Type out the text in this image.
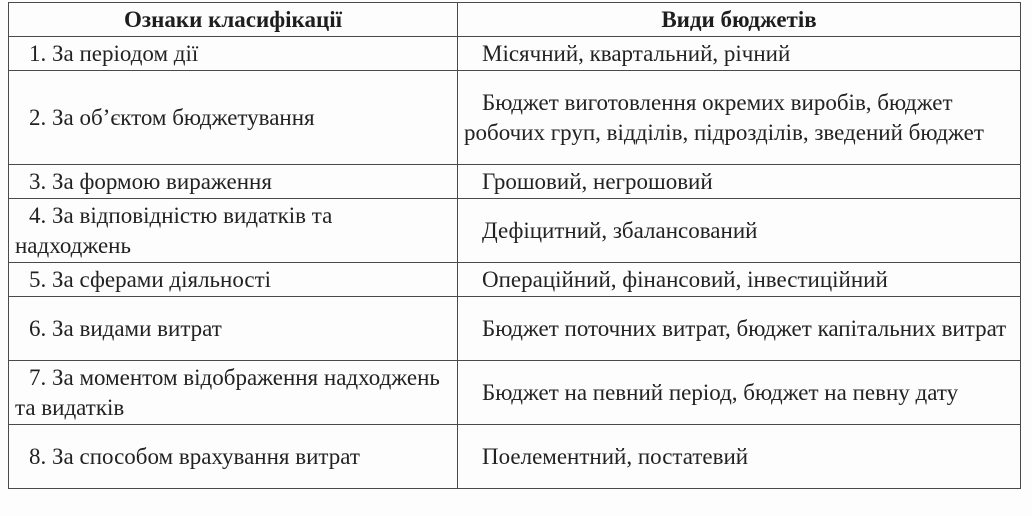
Ознаки класифікації	Види бюджетів
1. За періодом дії	Місячний, квартальний, річний
2. За об’єктом бюджетування	Бюджет виготовлення окремих виробів, бюджет робочих груп, відділів, підрозділів, зведений бюджет
3. За формою вираження	Грошовий, негрошовий
4. За відповідністю видатків та надходжень	Дефіцитний, збалансований
5. За сферами діяльності	Операційний, фінансовий, інвестиційний
6. За видами витрат	Бюджет поточних витрат, бюджет капітальних витрат
7. За моментом відображення надходжень та видатків	Бюджет на певний період, бюджет на певну дату
8. За способом врахування витрат	Поелементний, постатевий
